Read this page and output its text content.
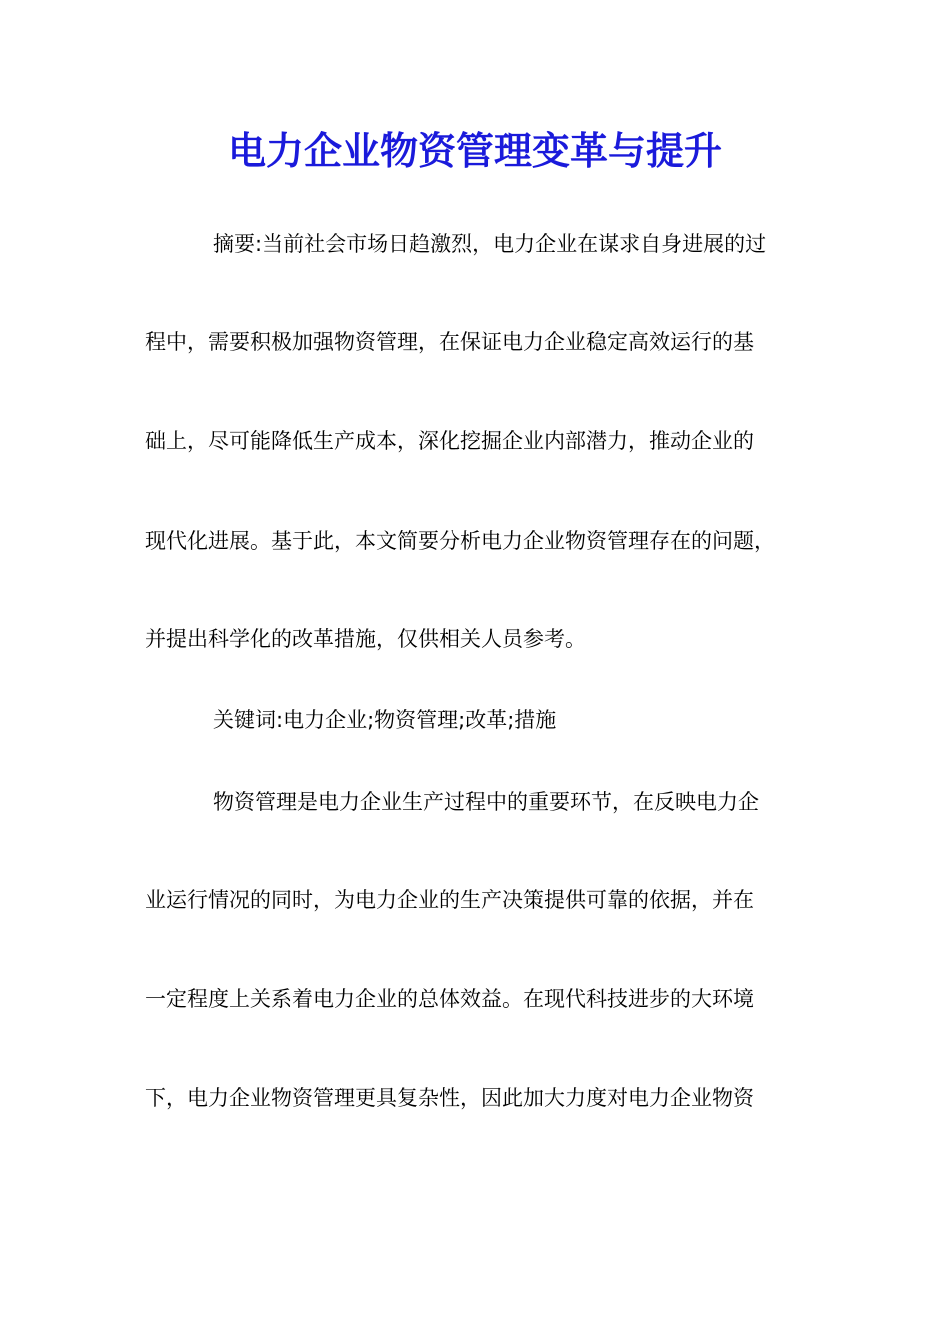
电力企业物资管理变革与提升
摘要:当前社会市场日趋激烈，电力企业在谋求自身进展的过
程中，需要积极加强物资管理，在保证电力企业稳定高效运行的基
础上，尽可能降低生产成本，深化挖掘企业内部潜力，推动企业的
现代化进展。基于此，本文简要分析电力企业物资管理存在的问题，
并提出科学化的改革措施，仅供相关人员参考。
关键词:电力企业;物资管理;改革;措施
物资管理是电力企业生产过程中的重要环节，在反映电力企
业运行情况的同时，为电力企业的生产决策提供可靠的依据，并在
一定程度上关系着电力企业的总体效益。在现代科技进步的大环境
下，电力企业物资管理更具复杂性，因此加大力度对电力企业物资
